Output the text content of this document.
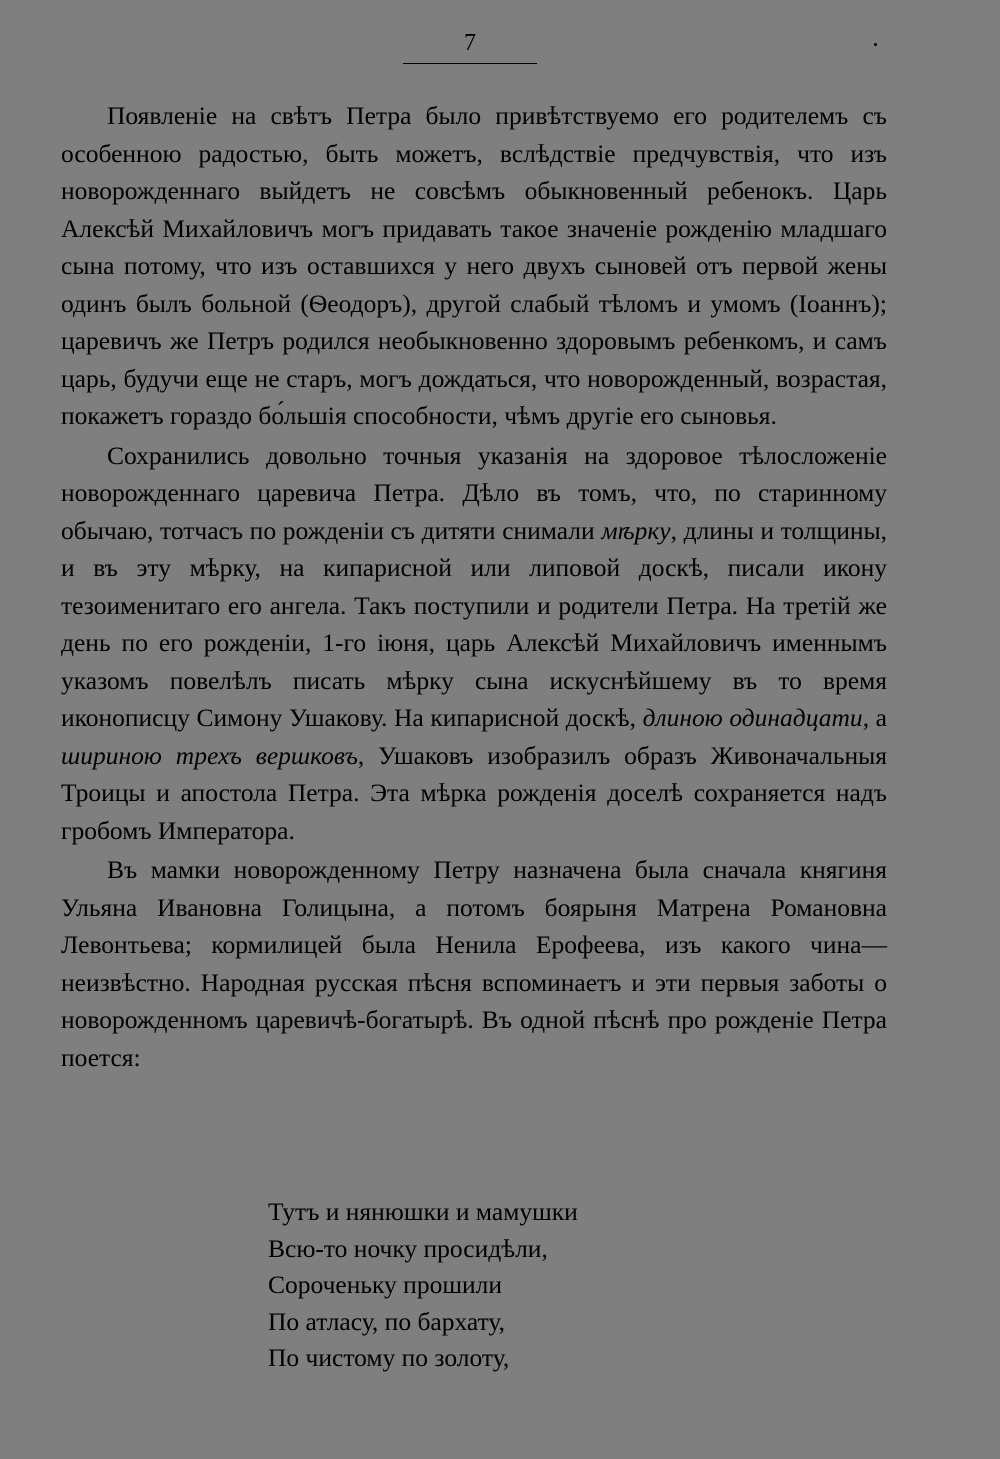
7

Появленіе на свѣтъ Петра было привѣтствуемо его родителемъ съ особенною радостью, быть можетъ, вслѣдствіе предчувствія, что изъ новорожденнаго выйдетъ не совсѣмъ обыкновенный ребенокъ. Царь Алексѣй Михайловичъ могъ придавать такое значеніе рожденію младшаго сына потому, что изъ оставшихся у него двухъ сыновей отъ первой жены одинъ былъ больной (Ѳеодоръ), другой слабый тѣломъ и умомъ (Іоаннъ); царевичъ же Петръ родился необыкновенно здоровымъ ребенкомъ, и самъ царь, будучи еще не старъ, могъ дождаться, что новорожденный, возрастая, покажетъ гораздо бо́льшія способности, чѣмъ другіе его сыновья.

Сохранились довольно точныя указанія на здоровое тѣлосложеніе новорожденнаго царевича Петра. Дѣло въ томъ, что, по старинному обычаю, тотчасъ по рожденіи съ дитяти снимали мѣрку, длины и толщины, и въ эту мѣрку, на кипарисной или липовой доскѣ, писали икону тезоименитаго его ангела. Такъ поступили и родители Петра. На третій же день по его рожденіи, 1-го іюня, царь Алексѣй Михайловичъ именнымъ указомъ повелѣлъ писать мѣрку сына искуснѣйшему въ то время иконописцу Симону Ушакову. На кипарисной доскѣ, длиною одинадцати, а шириною трехъ вершковъ, Ушаковъ изобразилъ образъ Живоначальныя Троицы и апостола Петра. Эта мѣрка рожденія доселѣ сохраняется надъ гробомъ Императора.

Въ мамки новорожденному Петру назначена была сначала княгиня Ульяна Ивановна Голицына, а потомъ боярыня Матрена Романовна Левонтьева; кормилицей была Ненила Ерофеева, изъ какого чина—неизвѣстно. Народная русская пѣсня вспоминаетъ и эти первыя заботы о новорожденномъ царевичѣ-богатырѣ. Въ одной пѣснѣ про рожденіе Петра поется:

Тутъ и нянюшки и мамушки
Всю-то ночку просидѣли,
Сороченьку прошили
По атласу, по бархату,
По чистому по золоту,
